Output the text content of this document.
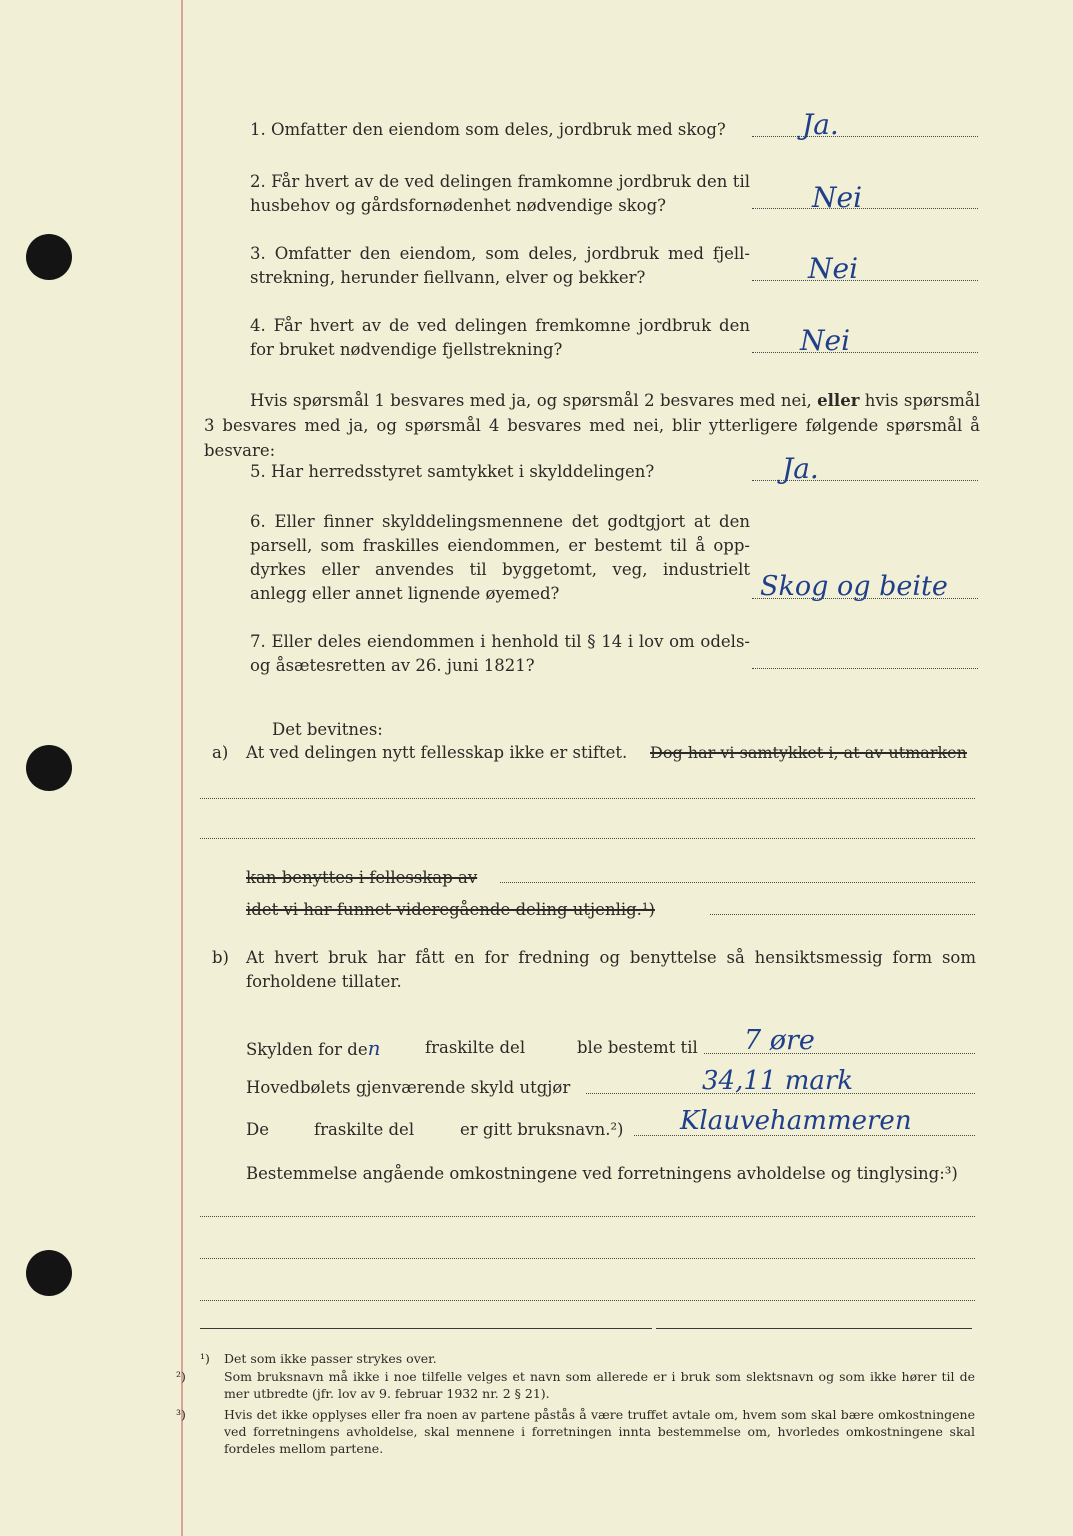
1. Omfatter den eiendom som deles, jordbruk med skog?	Ja.
2. Får hvert av de ved delingen framkomne jordbruk den til husbehov og gårdsfornødenhet nødvendige skog?	Nei
3. Omfatter den eiendom, som deles, jordbruk med fjell- strekning, herunder fiellvann, elver og bekker?	Nei
4. Får hvert av de ved delingen fremkomne jordbruk den for bruket nødvendige fjellstrekning?	Nei
Hvis spørsmål 1 besvares med ja, og spørsmål 2 besvares med nei, eller hvis spørsmål 3 besvares med ja, og spørsmål 4 besvares med nei, blir ytterligere følgende spørsmål å besvare:
5. Har herredsstyret samtykket i skylddelingen?	Ja.
6. Eller finner skylddelingsmennene det godtgjort at den parsell, som fraskilles eiendommen, er bestemt til å opp- dyrkes eller anvendes til byggetomt, veg, industrielt anlegg eller annet lignende øyemed?	Skog og beite
7. Eller deles eiendommen i henhold til § 14 i lov om odels- og åsætesretten av 26. juni 1821?
Det bevitnes:
a) At ved delingen nytt fellesskap ikke er stiftet. Dog har vi samtykket i, at av utmarken
kan benyttes i fellesskap av
idet vi har funnet videregående deling utjenlig.¹)
b) At hvert bruk har fått en for fredning og benyttelse så hensiktsmessig form som forholdene tillater.
Skylden for den	fraskilte del	ble bestemt til 7 øre
Hovedbølets gjenværende skyld utgjør	34,11 mark
De	fraskilte del	er gitt bruksnavn.²) Klauvehammeren
Bestemmelse angående omkostningene ved forretningens avholdelse og tinglysing:³)
¹) Det som ikke passer strykes over.
²)	Som bruksnavn må ikke i noe tilfelle velges et navn som allerede er i bruk som slektsnavn og som ikke hører til de mer utbredte (jfr. lov av 9. februar 1932 nr. 2 § 21).
³)	Hvis det ikke opplyses eller fra noen av partene påstås å være truffet avtale om, hvem som skal bære omkostningene ved forretningens avholdelse, skal mennene i forretningen innta bestemmelse om, hvorledes omkostningene skal fordeles mellom partene.
